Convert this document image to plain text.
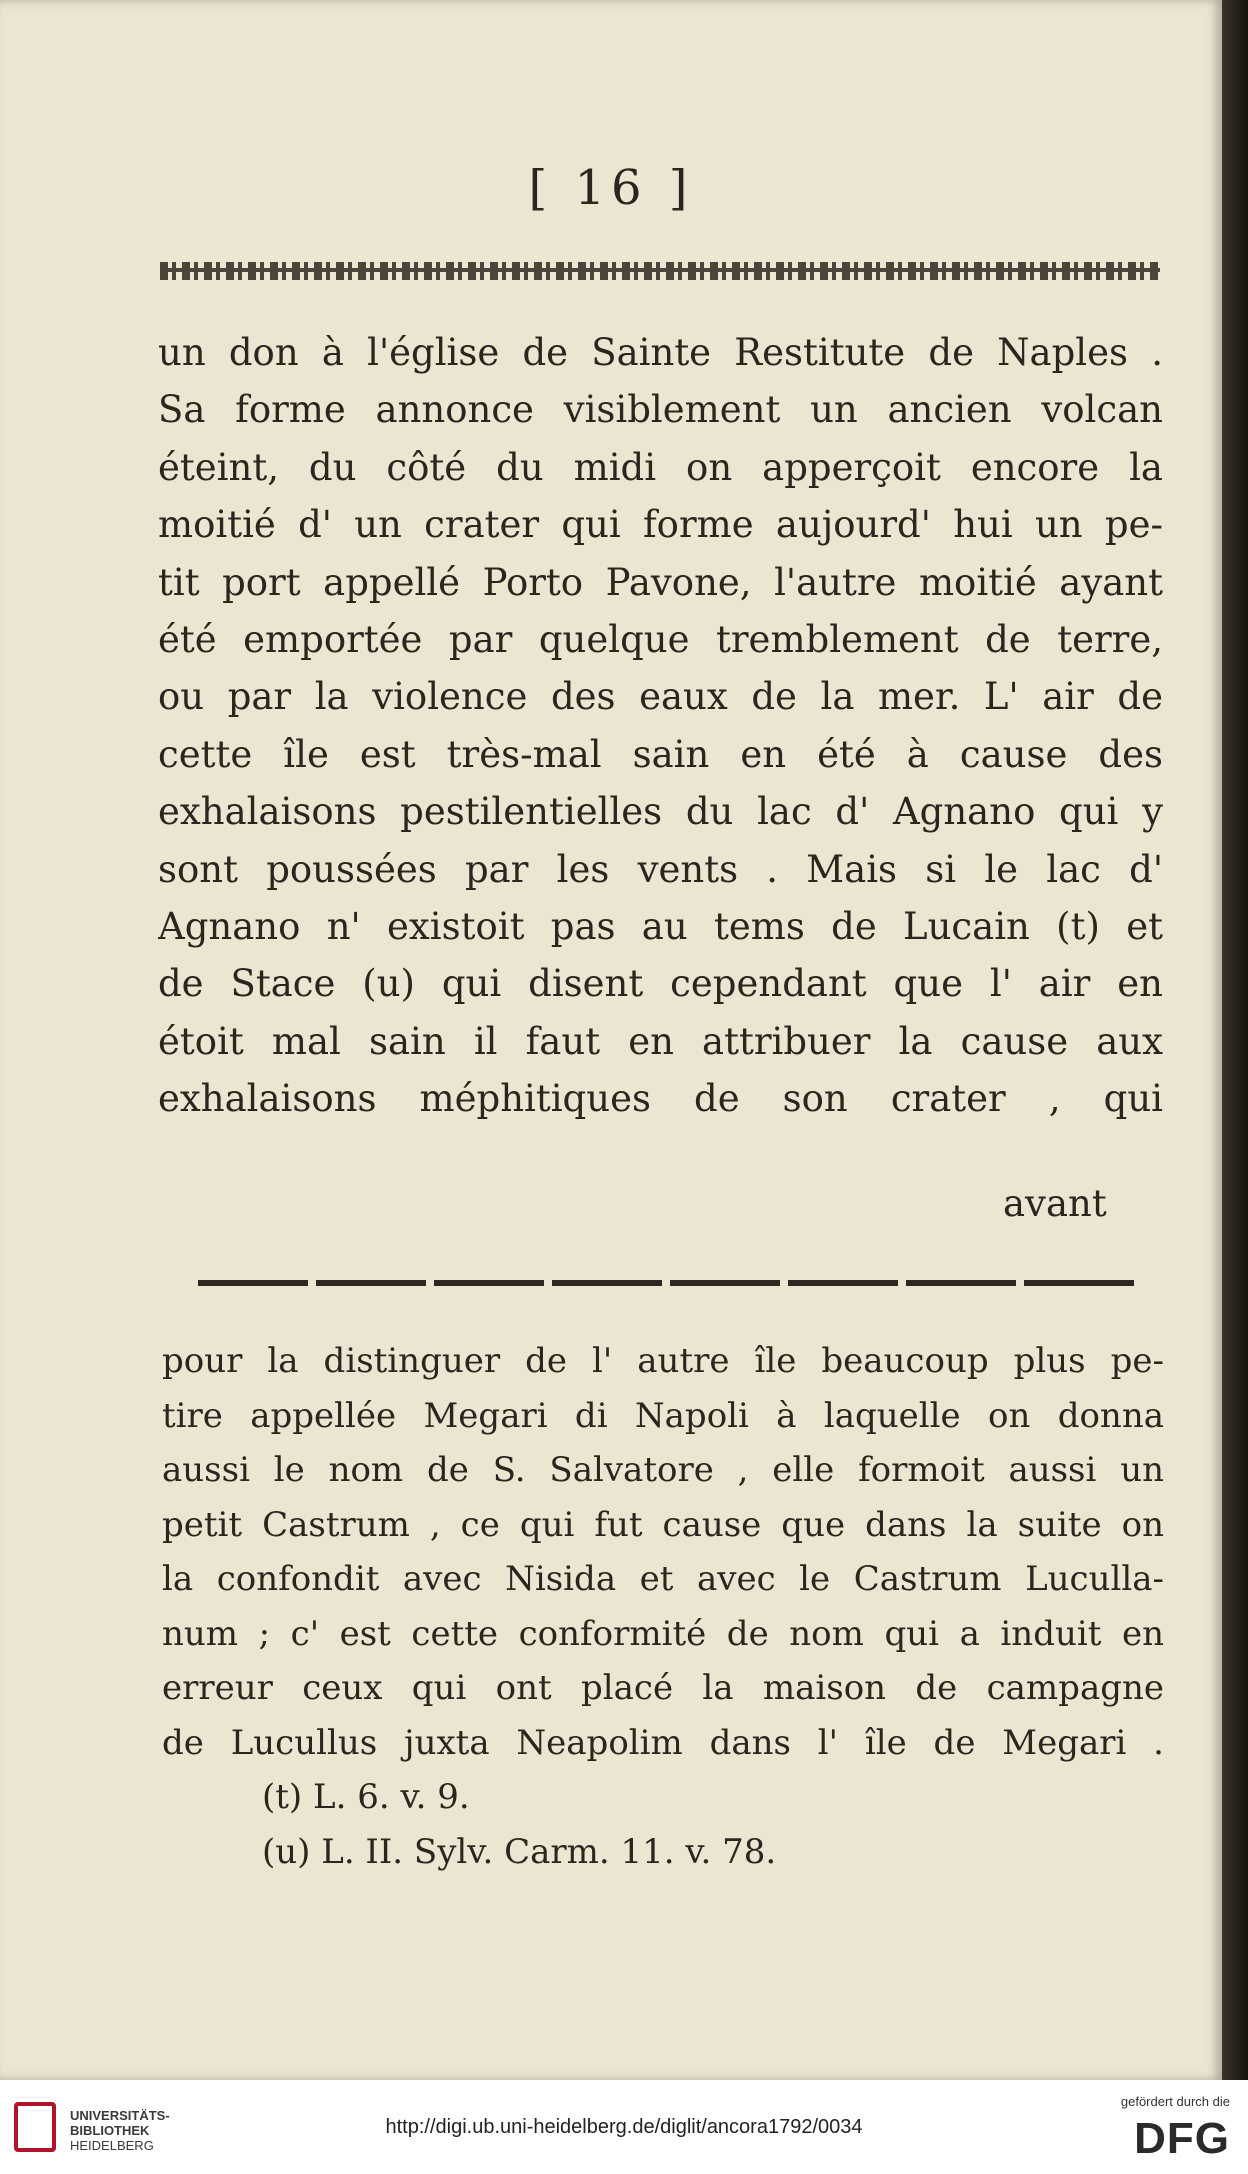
[ 16 ]
un don à l'église de Sainte Restitute de Naples .
Sa forme annonce visiblement un ancien volcan
éteint, du côté du midi on apperçoit encore la
moitié d' un crater qui forme aujourd' hui un pe-
tit port appellé Porto Pavone, l'autre moitié ayant
été emportée par quelque tremblement de terre,
ou par la violence des eaux de la mer. L' air de
cette île est très-mal sain en été à cause des
exhalaisons pestilentielles du lac d' Agnano qui y
sont poussées par les vents . Mais si le lac d'
Agnano n' existoit pas au tems de Lucain (t) et
de Stace (u) qui disent cependant que l' air en
étoit mal sain il faut en attribuer la cause aux
exhalaisons méphitiques de son crater , qui
avant
pour la distinguer de l' autre île beaucoup plus pe-
tire appellée Megari di Napoli à laquelle on donna
aussi le nom de S. Salvatore , elle formoit aussi un
petit Castrum , ce qui fut cause que dans la suite on
la confondit avec Nisida et avec le Castrum Luculla-
num ; c' est cette conformité de nom qui a induit en
erreur ceux qui ont placé la maison de campagne
de Lucullus juxta Neapolim dans l' île de Megari .
(t) L. 6. v. 9.
(u) L. II. Sylv. Carm. 11. v. 78.
UNIVERSITÄTS-
BIBLIOTHEK
HEIDELBERG
http://digi.ub.uni-heidelberg.de/diglit/ancora1792/0034
gefördert durch die
DFG
